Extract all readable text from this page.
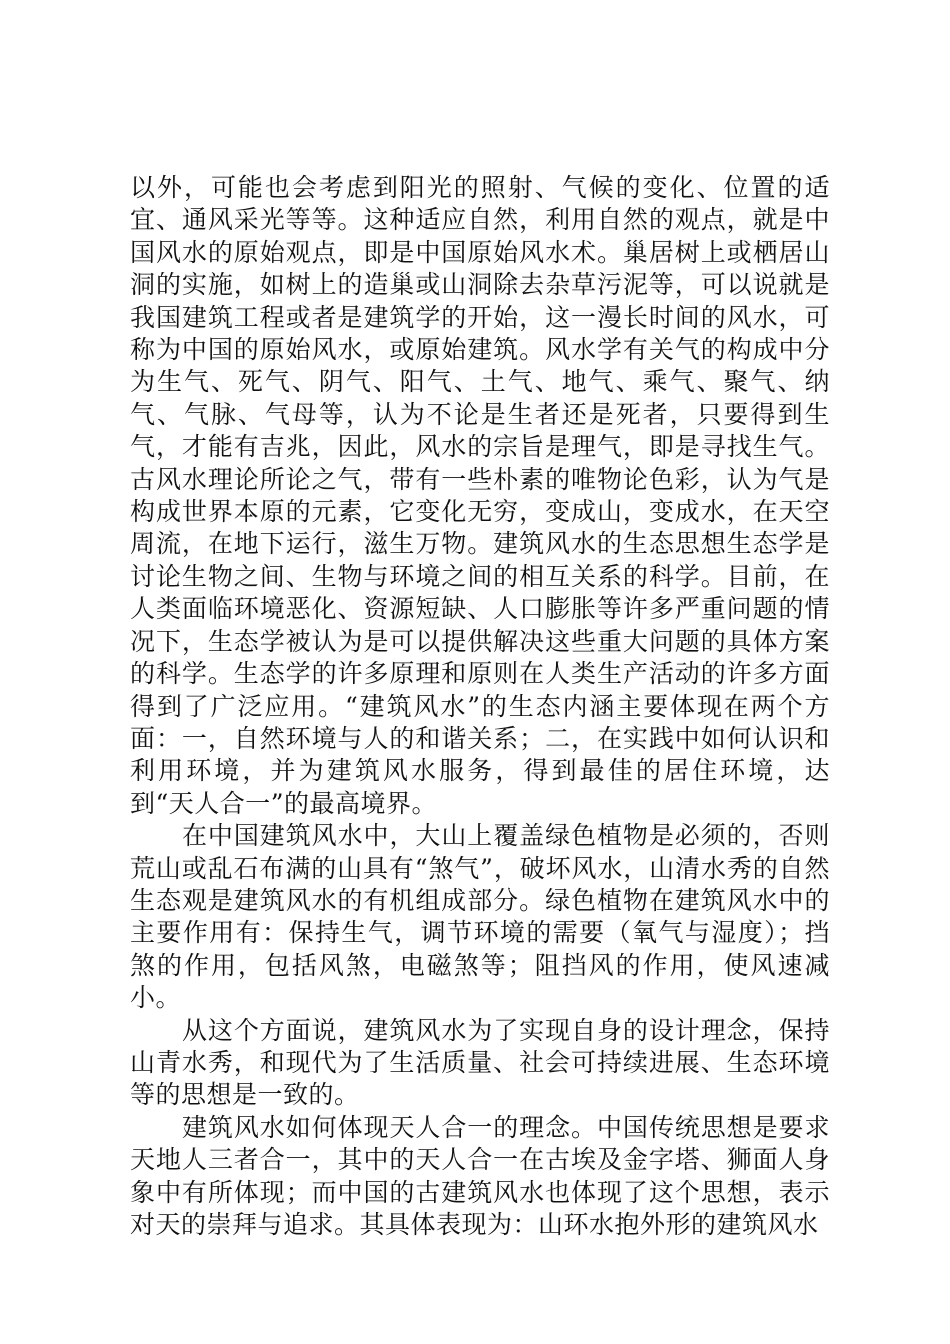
以外，可能也会考虑到阳光的照射、气候的变化、位置的适宜、通风采光等等。这种适应自然，利用自然的观点，就是中国风水的原始观点，即是中国原始风水术。巢居树上或栖居山洞的实施，如树上的造巢或山洞除去杂草污泥等，可以说就是我国建筑工程或者是建筑学的开始，这一漫长时间的风水，可称为中国的原始风水，或原始建筑。风水学有关气的构成中分为生气、死气、阴气、阳气、土气、地气、乘气、聚气、纳气、气脉、气母等，认为不论是生者还是死者，只要得到生气，才能有吉兆，因此，风水的宗旨是理气，即是寻找生气。古风水理论所论之气，带有一些朴素的唯物论色彩，认为气是构成世界本原的元素，它变化无穷，变成山，变成水，在天空周流，在地下运行，滋生万物。建筑风水的生态思想生态学是讨论生物之间、生物与环境之间的相互关系的科学。目前，在人类面临环境恶化、资源短缺、人口膨胀等许多严重问题的情况下，生态学被认为是可以提供解决这些重大问题的具体方案的科学。生态学的许多原理和原则在人类生产活动的许多方面得到了广泛应用。“建筑风水”的生态内涵主要体现在两个方面：一，自然环境与人的和谐关系；二，在实践中如何认识和利用环境，并为建筑风水服务，得到最佳的居住环境，达到“天人合一”的最高境界。

在中国建筑风水中，大山上覆盖绿色植物是必须的，否则荒山或乱石布满的山具有“煞气”，破坏风水，山清水秀的自然生态观是建筑风水的有机组成部分。绿色植物在建筑风水中的主要作用有：保持生气，调节环境的需要（氧气与湿度）；挡煞的作用，包括风煞，电磁煞等；阻挡风的作用，使风速减小。

从这个方面说，建筑风水为了实现自身的设计理念，保持山青水秀，和现代为了生活质量、社会可持续进展、生态环境等的思想是一致的。

建筑风水如何体现天人合一的理念。中国传统思想是要求天地人三者合一，其中的天人合一在古埃及金字塔、狮面人身象中有所体现；而中国的古建筑风水也体现了这个思想，表示对天的崇拜与追求。其具体表现为：山环水抱外形的建筑风水
